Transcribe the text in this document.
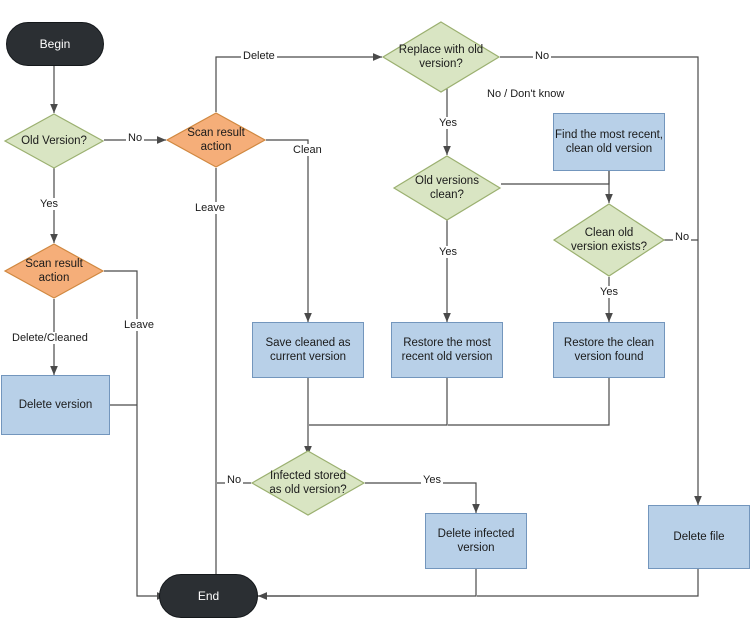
Begin
Old Version?
Scan result action
Scan result action
Delete version
Replace with old version?
Old versions clean?
Find the most recent, clean old version
Clean old version exists?
Save cleaned as current version
Restore the most recent old version
Restore the clean version found
Infected stored as old version?
Delete infected version
Delete file
End
Yes
No
Delete
Clean
Leave
Delete/Cleaned
Leave
No
Yes
No / Don't know
Yes
No
Yes
No	Yes
